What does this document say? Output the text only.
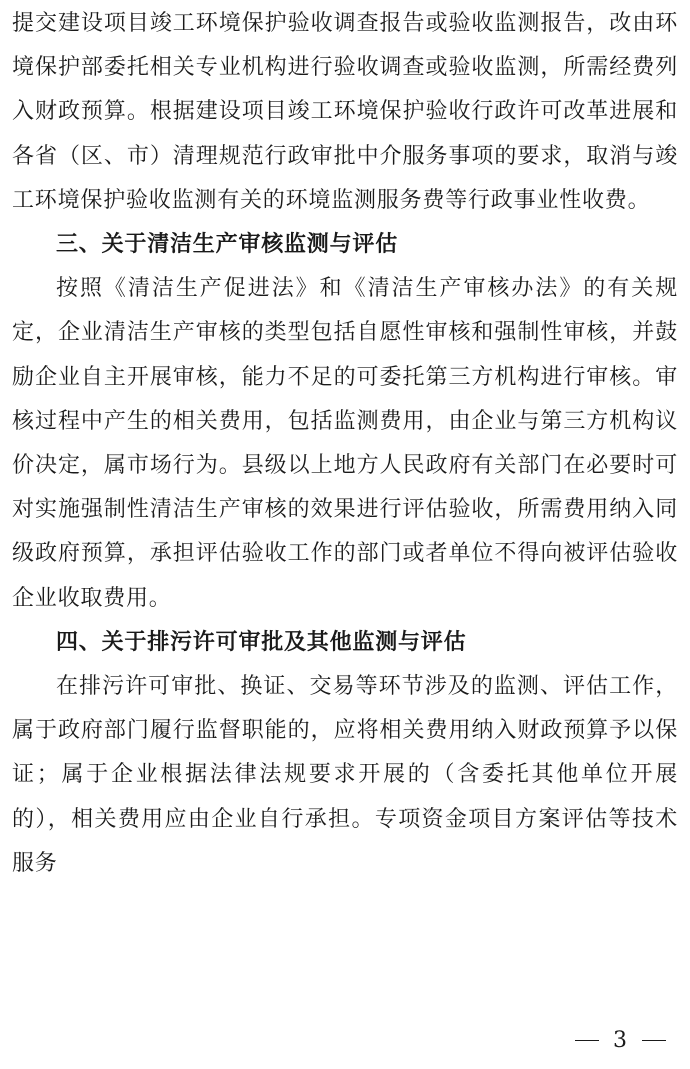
提交建设项目竣工环境保护验收调查报告或验收监测报告，改由环境保护部委托相关专业机构进行验收调查或验收监测，所需经费列入财政预算。根据建设项目竣工环境保护验收行政许可改革进展和各省（区、市）清理规范行政审批中介服务事项的要求，取消与竣工环境保护验收监测有关的环境监测服务费等行政事业性收费。

三、关于清洁生产审核监测与评估

按照《清洁生产促进法》和《清洁生产审核办法》的有关规定，企业清洁生产审核的类型包括自愿性审核和强制性审核，并鼓励企业自主开展审核，能力不足的可委托第三方机构进行审核。审核过程中产生的相关费用，包括监测费用，由企业与第三方机构议价决定，属市场行为。县级以上地方人民政府有关部门在必要时可对实施强制性清洁生产审核的效果进行评估验收，所需费用纳入同级政府预算，承担评估验收工作的部门或者单位不得向被评估验收企业收取费用。

四、关于排污许可审批及其他监测与评估

在排污许可审批、换证、交易等环节涉及的监测、评估工作，属于政府部门履行监督职能的，应将相关费用纳入财政预算予以保证；属于企业根据法律法规要求开展的（含委托其他单位开展的），相关费用应由企业自行承担。专项资金项目方案评估等技术服务

3
